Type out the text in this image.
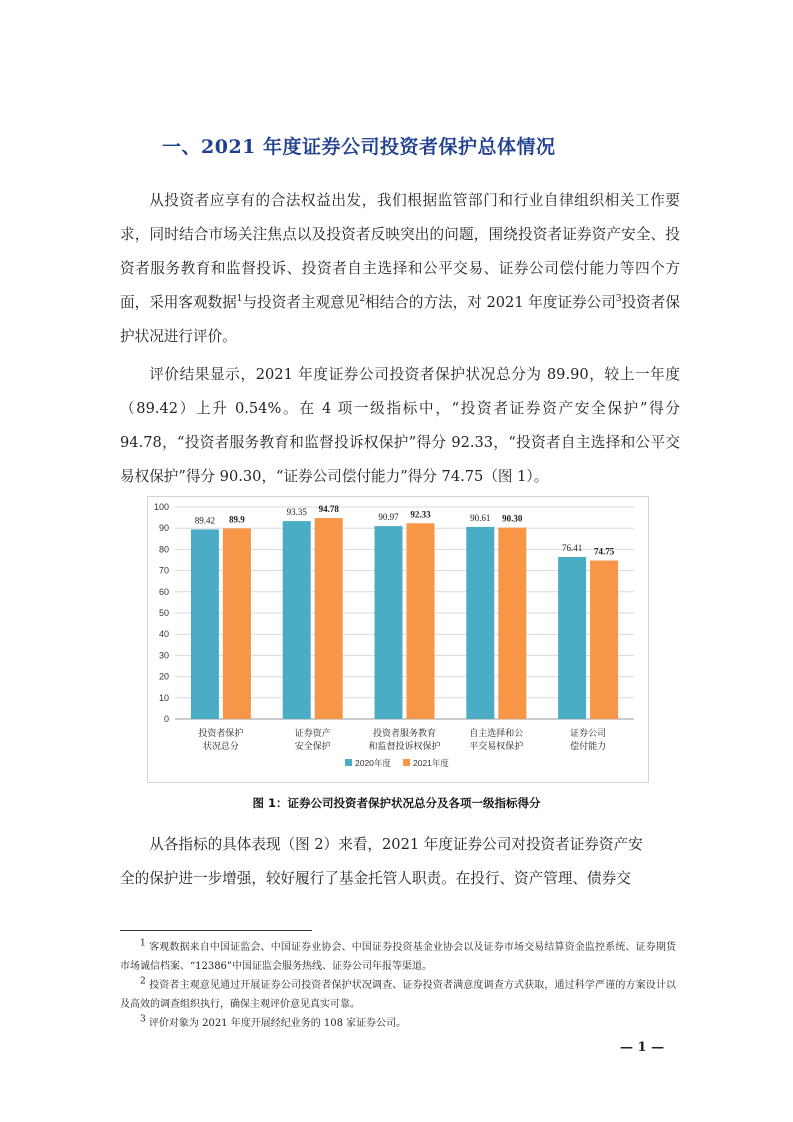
一、2021 年度证券公司投资者保护总体情况

从投资者应享有的合法权益出发，我们根据监管部门和行业自律组织相关工作要求，同时结合市场关注焦点以及投资者反映突出的问题，围绕投资者证券资产安全、投资者服务教育和监督投诉、投资者自主选择和公平交易、证券公司偿付能力等四个方面，采用客观数据$^1$与投资者主观意见$^2$相结合的方法，对 2021 年度证券公司$^3$投资者保护状况进行评价。

评价结果显示，2021 年度证券公司投资者保护状况总分为 89.90，较上一年度（89.42）上升 0.54%。在 4 项一级指标中，“投资者证券资产安全保护”得分 94.78，“投资者服务教育和监督投诉权保护”得分 92.33，“投资者自主选择和公平交易权保护”得分 90.30，“证券公司偿付能力”得分 74.75（图 1）。

0
10
20
30
40
50
60
70
80
90
100
89.42 89.9
投资者保护
状况总分
93.35 94.78
证券资产
安全保护
90.97 92.33
投资者服务教育
和监督投诉权保护
90.61 90.30
自主选择和公
平交易权保护
76.41 74.75
证券公司
偿付能力
2020年度	2021年度
图 1：证券公司投资者保护状况总分及各项一级指标得分

从各指标的具体表现（图 2）来看，2021 年度证券公司对投资者证券资产安

全的保护进一步增强，较好履行了基金托管人职责。在投行、资产管理、债券交

$^1$ 客观数据来自中国证监会、中国证券业协会、中国证券投资基金业协会以及证券市场交易结算资金监控系统、证券期货市场诚信档案、“12386”中国证监会服务热线、证券公司年报等渠道。

$^2$ 投资者主观意见通过开展证券公司投资者保护状况调查、证券投资者满意度调查方式获取，通过科学严谨的方案设计以及高效的调查组织执行，确保主观评价意见真实可靠。

$^3$ 评价对象为 2021 年度开展经纪业务的 108 家证券公司。

— 1 —
